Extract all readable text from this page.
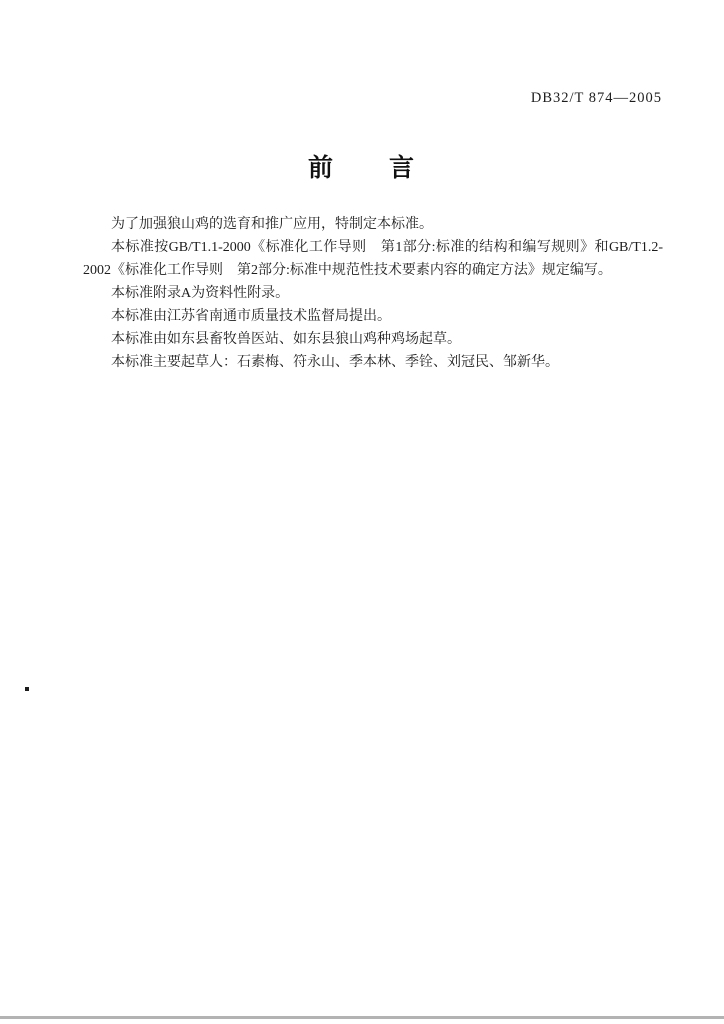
DB32/T 874—2005
前　　言

为了加强狼山鸡的选育和推广应用，特制定本标准。

本标准按GB/T1.1-2000《标准化工作导则　第1部分:标准的结构和编写规则》和GB/T1.2-2002《标准化工作导则　第2部分:标准中规范性技术要素内容的确定方法》规定编写。

本标准附录A为资料性附录。

本标准由江苏省南通市质量技术监督局提出。

本标准由如东县畜牧兽医站、如东县狼山鸡种鸡场起草。

本标准主要起草人：石素梅、符永山、季本林、季铨、刘冠民、邹新华。
